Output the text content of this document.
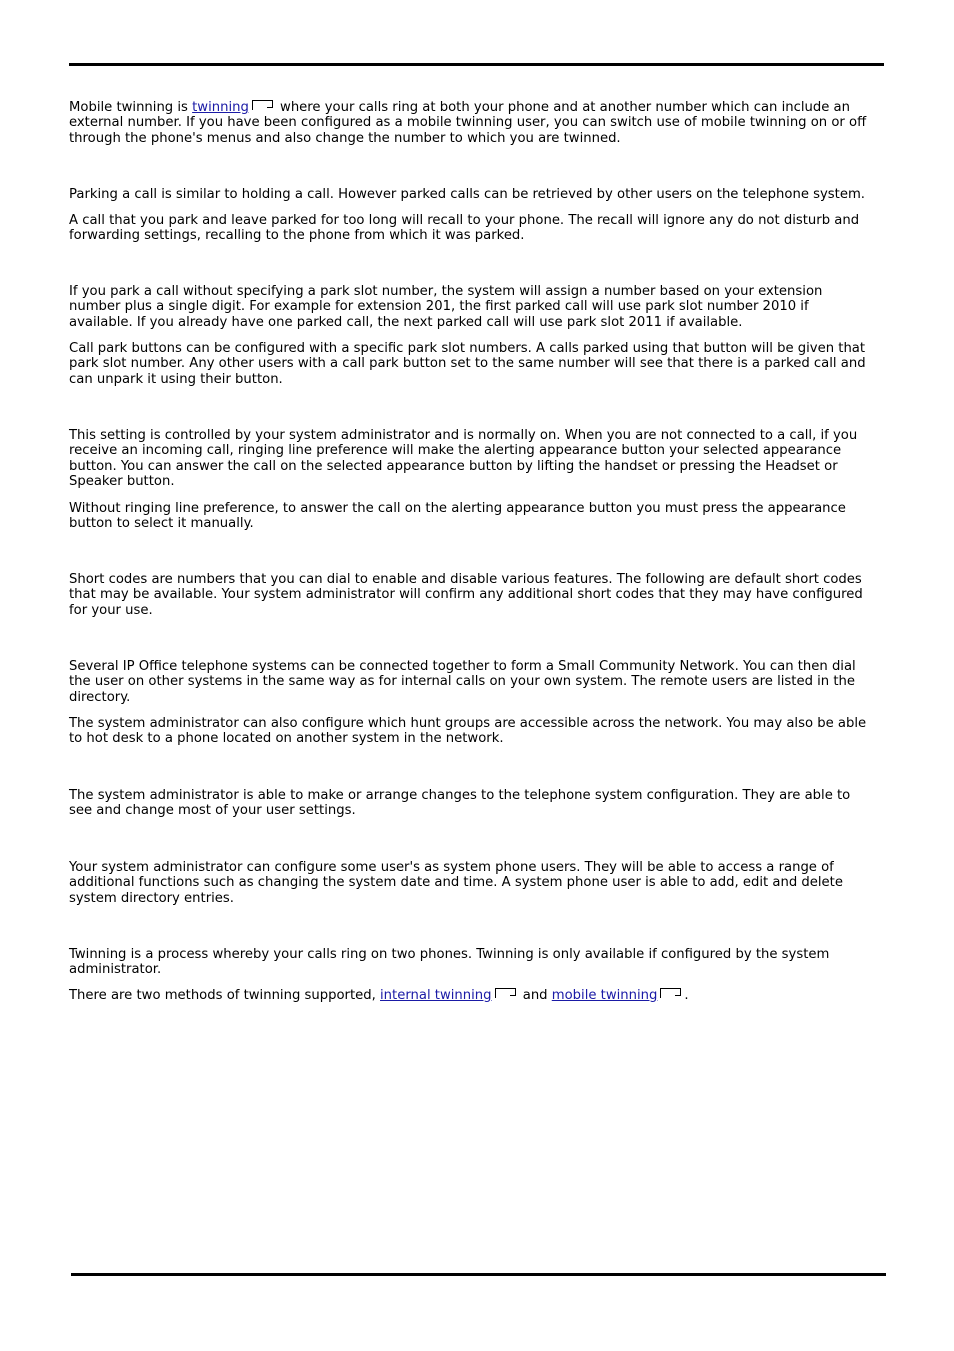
Mobile twinning is twinning where your calls ring at both your phone and at another number which can include an external number. If you have been configured as a mobile twinning user, you can switch use of mobile twinning on or off through the phone's menus and also change the number to which you are twinned.

Parking a call is similar to holding a call. However parked calls can be retrieved by other users on the telephone system.

A call that you park and leave parked for too long will recall to your phone. The recall will ignore any do not disturb and forwarding settings, recalling to the phone from which it was parked.

If you park a call without specifying a park slot number, the system will assign a number based on your extension number plus a single digit. For example for extension 201, the first parked call will use park slot number 2010 if available. If you already have one parked call, the next parked call will use park slot 2011 if available.

Call park buttons can be configured with a specific park slot numbers. A calls parked using that button will be given that park slot number. Any other users with a call park button set to the same number will see that there is a parked call and can unpark it using their button.

This setting is controlled by your system administrator and is normally on. When you are not connected to a call, if you receive an incoming call, ringing line preference will make the alerting appearance button your selected appearance button. You can answer the call on the selected appearance button by lifting the handset or pressing the Headset or Speaker button.

Without ringing line preference, to answer the call on the alerting appearance button you must press the appearance button to select it manually.

Short codes are numbers that you can dial to enable and disable various features. The following are default short codes that may be available. Your system administrator will confirm any additional short codes that they may have configured for your use.

Several IP Office telephone systems can be connected together to form a Small Community Network. You can then dial the user on other systems in the same way as for internal calls on your own system. The remote users are listed in the directory.

The system administrator can also configure which hunt groups are accessible across the network. You may also be able to hot desk to a phone located on another system in the network.

The system administrator is able to make or arrange changes to the telephone system configuration. They are able to see and change most of your user settings.

Your system administrator can configure some user's as system phone users. They will be able to access a range of additional functions such as changing the system date and time. A system phone user is able to add, edit and delete system directory entries.

Twinning is a process whereby your calls ring on two phones. Twinning is only available if configured by the system administrator.

There are two methods of twinning supported, internal twinning and mobile twinning .
